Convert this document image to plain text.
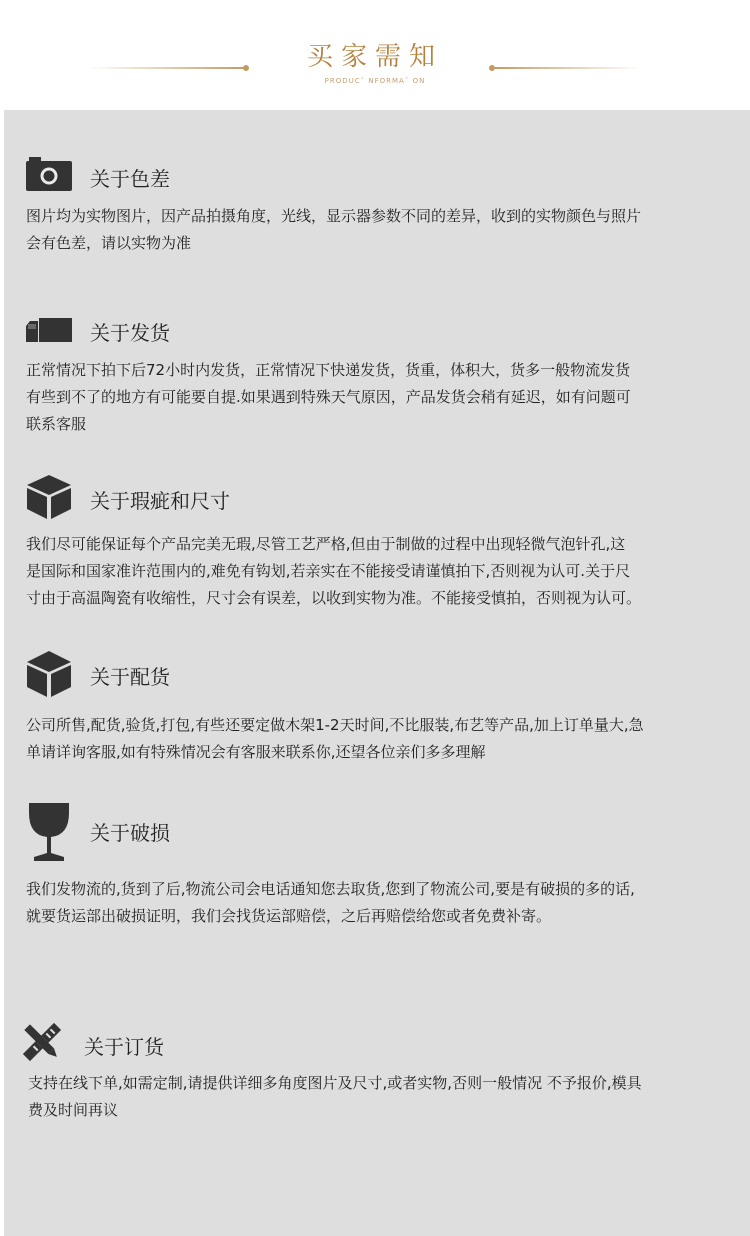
买家需知
PRODUC˜ NFORMA˜ ON
关于色差
图片均为实物图片，因产品拍摄角度，光线，显示器参数不同的差异，收到的实物颜色与照片
会有色差，请以实物为准
关于发货
正常情况下拍下后72小时内发货，正常情况下快递发货，货重，体积大，货多一般物流发货
有些到不了的地方有可能要自提.如果遇到特殊天气原因，产品发货会稍有延迟，如有问题可
联系客服
关于瑕疵和尺寸
我们尽可能保证每个产品完美无瑕,尽管工艺严格,但由于制做的过程中出现轻微气泡针孔,这
是国际和国家准许范围内的,难免有钩划,若亲实在不能接受请谨慎拍下,否则视为认可.关于尺
寸由于高温陶瓷有收缩性，尺寸会有误差，以收到实物为准。不能接受慎拍，否则视为认可。
关于配货
公司所售,配货,验货,打包,有些还要定做木架1-2天时间,不比服装,布艺等产品,加上订单量大,急
单请详询客服,如有特殊情况会有客服来联系你,还望各位亲们多多理解
关于破损
我们发物流的,货到了后,物流公司会电话通知您去取货,您到了物流公司,要是有破损的多的话,
就要货运部出破损证明，我们会找货运部赔偿，之后再赔偿给您或者免费补寄。
关于订货
支持在线下单,如需定制,请提供详细多角度图片及尺寸,或者实物,否则一般情况 不予报价,模具
费及时间再议
